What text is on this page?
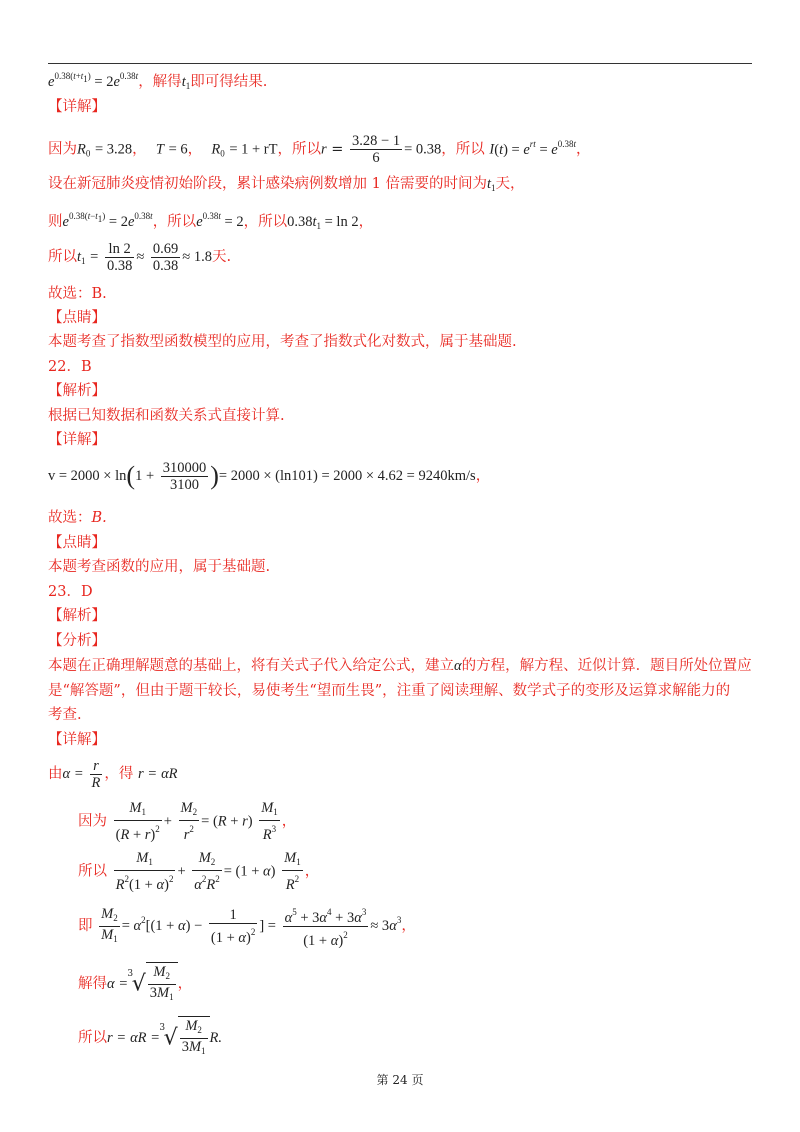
$e^{0.38(t+t_1)} = 2e^{0.38t}$，解得$t_1$即可得结果.
【详解】
因为$R_0 = 3.28$， T = 6， $R_0 = 1$ + rT，所以$r = \frac{3.28 - 1}{6} = 0.38$，所以 $I(t) = e^{rt} = e^{0.38t}$，
设在新冠肺炎疫情初始阶段，累计感染病例数增加 1 倍需要的时间为$t_1$天，
则$e^{0.38(t-t_1)} = 2e^{0.38t}$，所以$e^{0.38t} = 2$，所以$0.38t_1 = \ln 2$，
所以$t_1 = \frac{\ln 2}{0.38} \approx \frac{0.69}{0.38} \approx 1.8$天.
故选：B.
【点睛】
本题考查了指数型函数模型的应用，考查了指数式化对数式，属于基础题.
22．B
【解析】
根据已知数据和函数关系式直接计算.
【详解】
$v = 2000 \times \ln(1 + \frac{310000}{3100}$ )= 2000 × (ln101) = 2000 × 4.62 = 9240km/s，
故选：B.
【点睛】
本题考查函数的应用，属于基础题.
23．D
【解析】
【分析】
本题在正确理解题意的基础上，将有关式子代入给定公式，建立α的方程，解方程、近似计算．题目所处位置应
是“解答题”，但由于题干较长，易使考生“望而生畏”，注重了阅读理解、数学式子的变形及运算求解能力的
考查.
【详解】
由$\alpha = \frac{r}{R}$ ，得 r = αR
因为 $\frac{M_1}{(R + r)^2} + \frac{M_2}{r^2} = (R + r) \frac{M_1}{R^3}$ ，
所以 $\frac{M_1}{R^2(1 + \alpha)^2} + \frac{M_2}{\alpha^2R^2} = (1 + \alpha) \frac{M_1}{R^2}$ ，
即 $\frac{M_2}{M_1} = \alpha^2[(1 + \alpha) - \frac{1}{(1 + \alpha)^2}$ ] = $\frac{\alpha^5 + 3\alpha^4 + 3\alpha^3}{(1 + \alpha)^2} \approx 3\alpha^3$，
解得α =$^3$ √ $\frac{M_2}{3M_1}$ ，
所以r = αR =$^3$ √ $\frac{M_2}{3M_1} R$.
第 24 页
